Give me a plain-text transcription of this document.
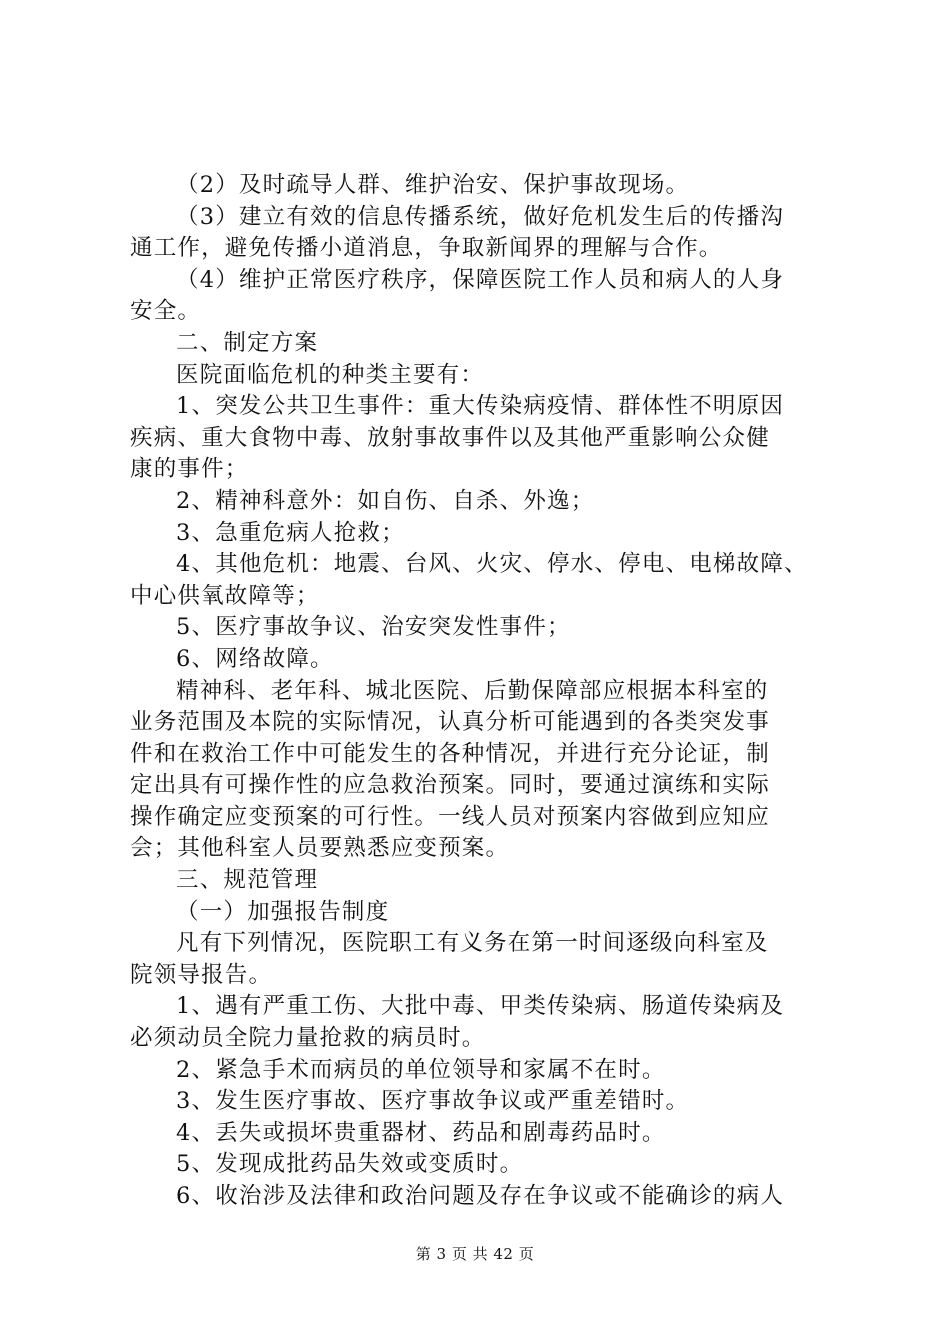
（2）及时疏导人群、维护治安、保护事故现场。
（3）建立有效的信息传播系统，做好危机发生后的传播沟
通工作，避免传播小道消息，争取新闻界的理解与合作。
（4）维护正常医疗秩序，保障医院工作人员和病人的人身
安全。
二、制定方案
医院面临危机的种类主要有：
1、突发公共卫生事件：重大传染病疫情、群体性不明原因
疾病、重大食物中毒、放射事故事件以及其他严重影响公众健
康的事件；
2、精神科意外：如自伤、自杀、外逸；
3、急重危病人抢救；
4、其他危机：地震、台风、火灾、停水、停电、电梯故障、
中心供氧故障等；
5、医疗事故争议、治安突发性事件；
6、网络故障。
精神科、老年科、城北医院、后勤保障部应根据本科室的
业务范围及本院的实际情况，认真分析可能遇到的各类突发事
件和在救治工作中可能发生的各种情况，并进行充分论证，制
定出具有可操作性的应急救治预案。同时，要通过演练和实际
操作确定应变预案的可行性。一线人员对预案内容做到应知应
会；其他科室人员要熟悉应变预案。
三、规范管理
（一）加强报告制度
凡有下列情况，医院职工有义务在第一时间逐级向科室及
院领导报告。
1、遇有严重工伤、大批中毒、甲类传染病、肠道传染病及
必须动员全院力量抢救的病员时。
2、紧急手术而病员的单位领导和家属不在时。
3、发生医疗事故、医疗事故争议或严重差错时。
4、丢失或损坏贵重器材、药品和剧毒药品时。
5、发现成批药品失效或变质时。
6、收治涉及法律和政治问题及存在争议或不能确诊的病人
第 3 页 共 42 页
